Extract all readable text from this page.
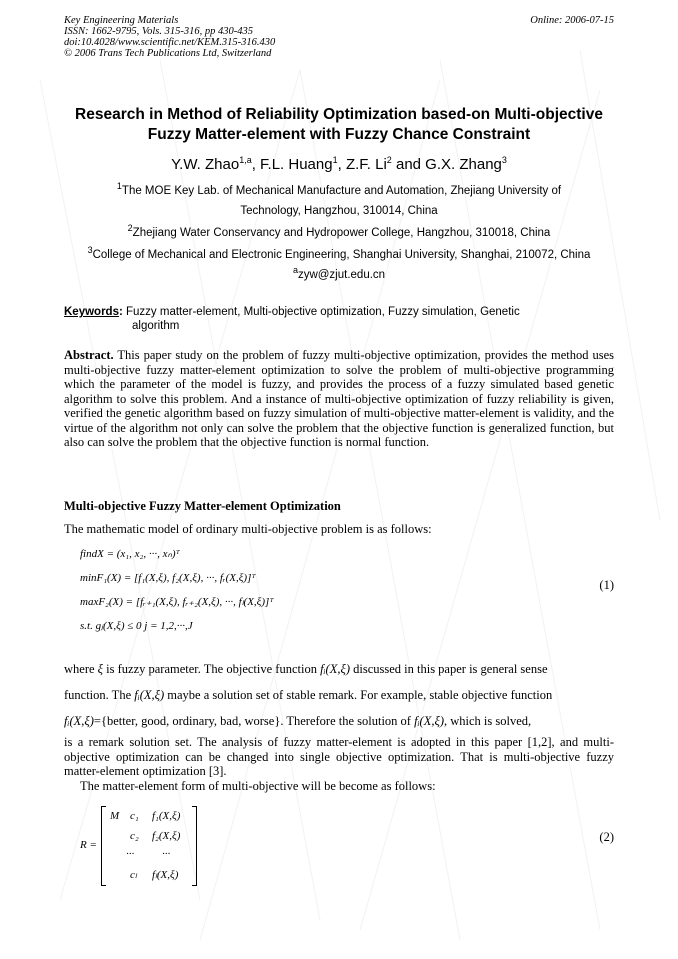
Key Engineering Materials
ISSN: 1662-9795, Vols. 315-316, pp 430-435
doi:10.4028/www.scientific.net/KEM.315-316.430
© 2006 Trans Tech Publications Ltd, Switzerland
Online: 2006-07-15
Research in Method of Reliability Optimization based-on Multi-objective
Fuzzy Matter-element with Fuzzy Chance Constraint
Y.W. Zhao$^{1,a}$, F.L. Huang$^1$, Z.F. Li$^2$ and G.X. Zhang$^3$
$^1$The MOE Key Lab. of Mechanical Manufacture and Automation, Zhejiang University of
Technology, Hangzhou, 310014, China
$^2$Zhejiang Water Conservancy and Hydropower College, Hangzhou, 310018, China
$^3$College of Mechanical and Electronic Engineering, Shanghai University, Shanghai, 210072, China
$^a$zyw@zjut.edu.cn
Keywords: Fuzzy matter-element, Multi-objective optimization, Fuzzy simulation, Genetic
algorithm
Abstract. This paper study on the problem of fuzzy multi-objective optimization, provides the method uses multi-objective fuzzy matter-element optimization to solve the problem of multi-objective programming which the parameter of the model is fuzzy, and provides the process of a fuzzy simulated based genetic algorithm to solve this problem. And a instance of multi-objective optimization of fuzzy reliability is given, verified the genetic algorithm based on fuzzy simulation of multi-objective matter-element is validity, and the virtue of the algorithm not only can solve the problem that the objective function is generalized function, but also can solve the problem that the objective function is normal function.
Multi-objective Fuzzy Matter-element Optimization
The mathematic model of ordinary multi-objective problem is as follows:
findX = (x₁, x₂, ···, xₙ)ᵀ
minF₁(X) = [f₁(X,ξ), f₂(X,ξ), ···, fᵣ(X,ξ)]ᵀ
maxF₂(X) = [fᵣ₊₁(X,ξ), fᵣ₊₂(X,ξ), ···, fₗ(X,ξ)]ᵀ
s.t. gⱼ(X,ξ) ≤ 0 j = 1,2,···,J
(1)
where ξ is fuzzy parameter. The objective function fᵢ(X,ξ) discussed in this paper is general sense
function. The fᵢ(X,ξ) maybe a solution set of stable remark. For example, stable objective function
fᵢ(X,ξ)={better, good, ordinary, bad, worse}. Therefore the solution of fᵢ(X,ξ), which is solved,
is a remark solution set. The analysis of fuzzy matter-element is adopted in this paper [1,2], and multi-objective optimization can be changed into single objective optimization. That is multi-objective fuzzy matter-element optimization [3].
The matter-element form of multi-objective will be become as follows:
R =
M c₁ f₁(X,ξ)
c₂ f₂(X,ξ)
···	···
cₗ fₗ(X,ξ)
(2)
